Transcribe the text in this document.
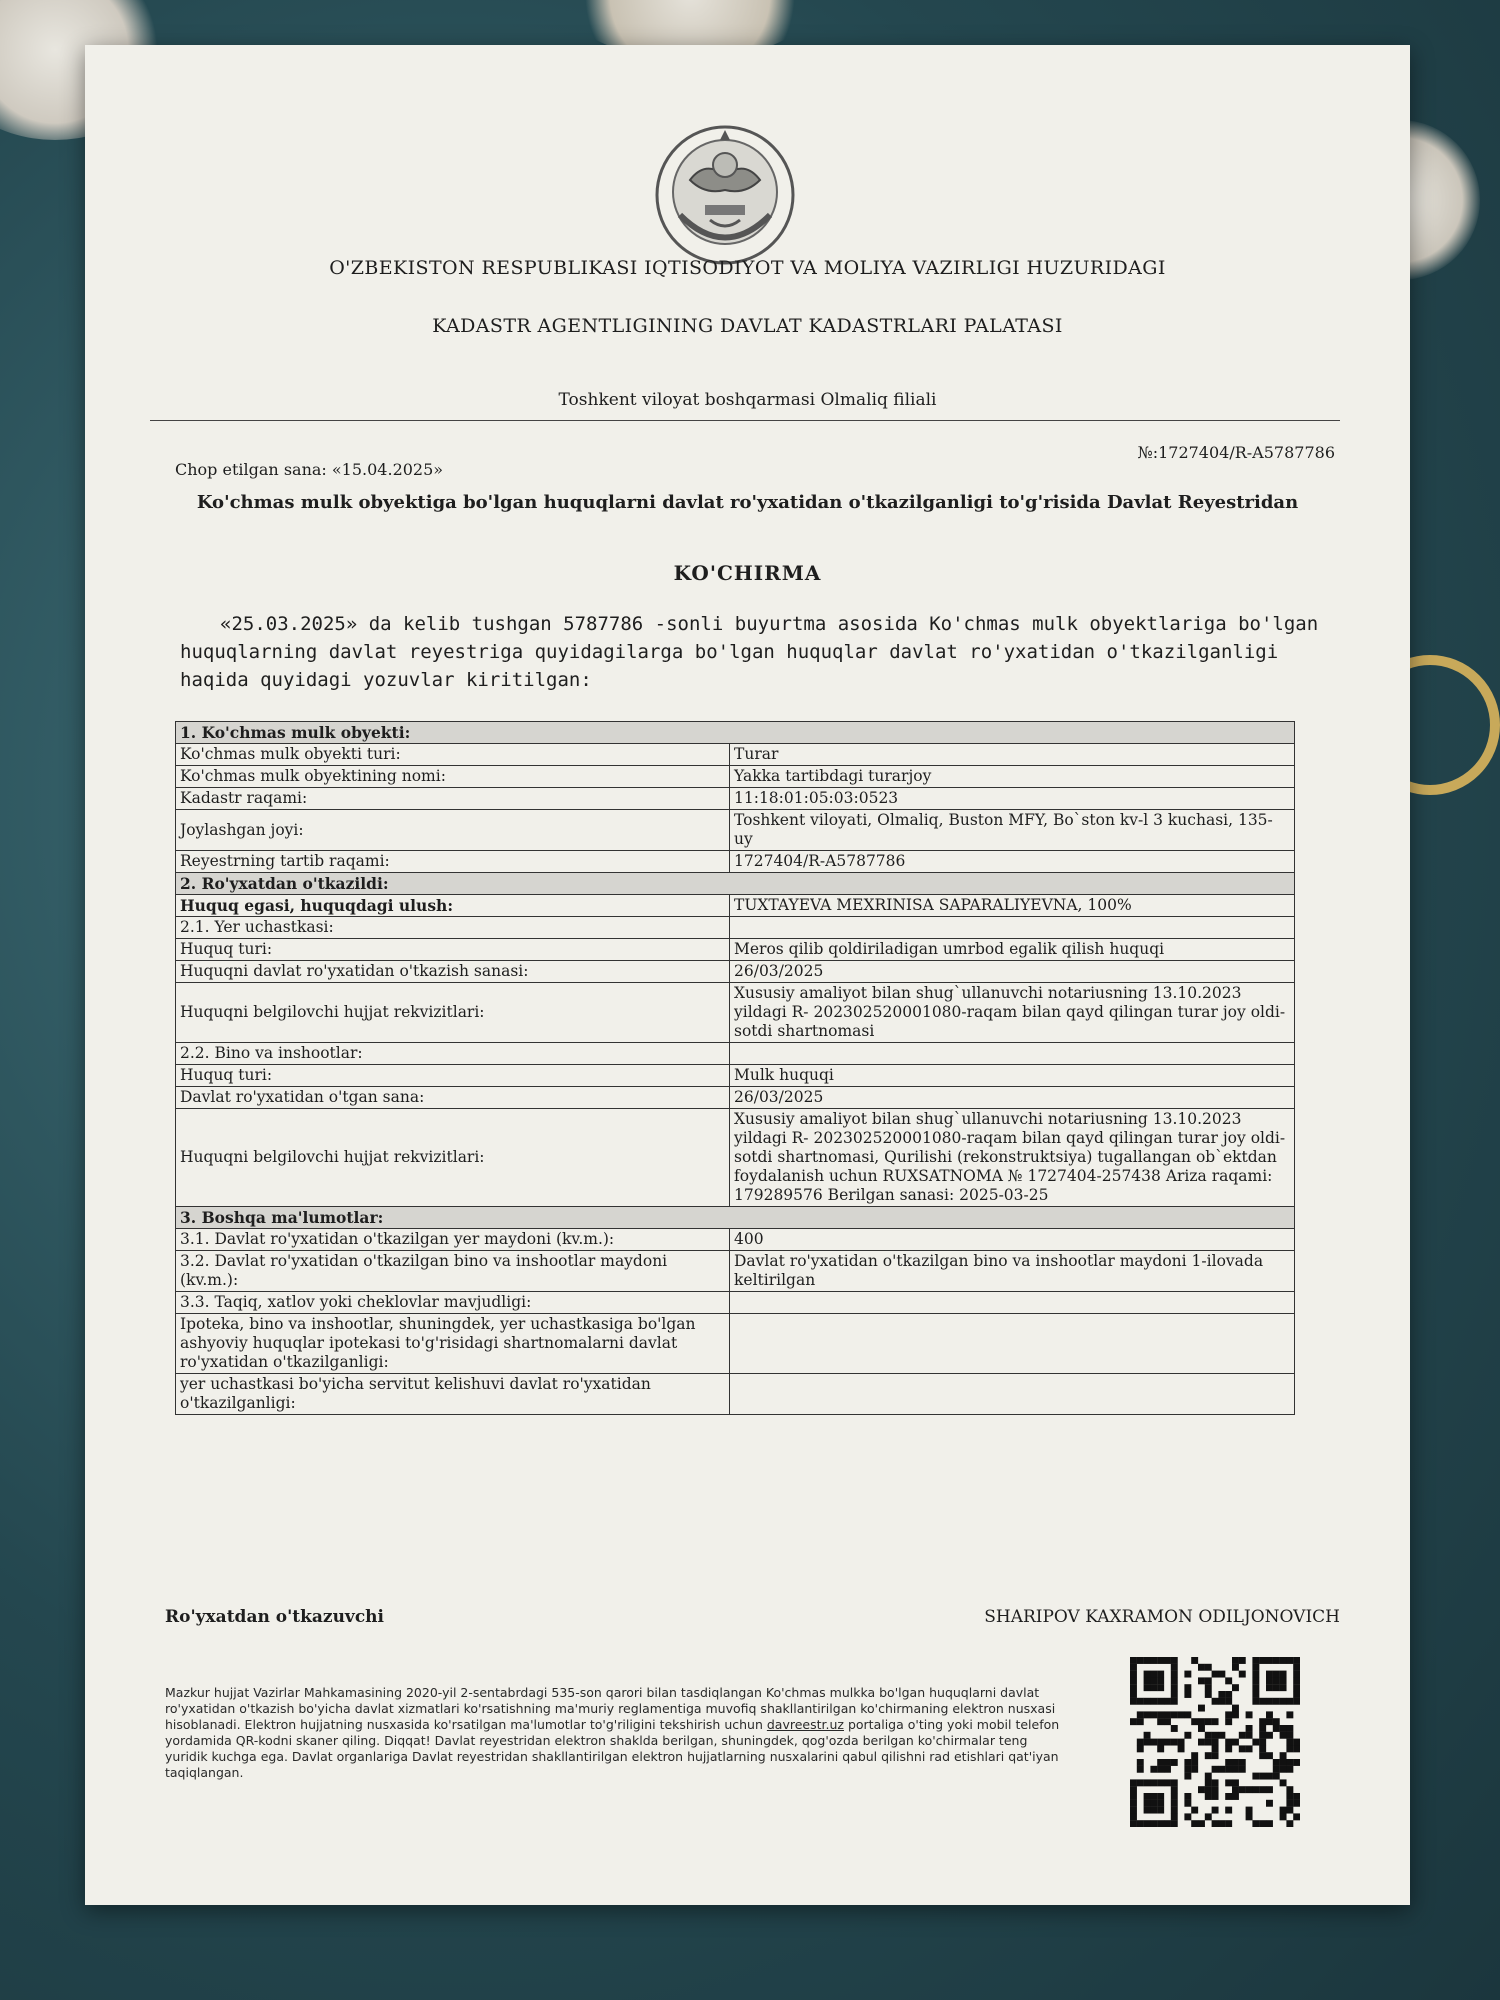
O'ZBEKISTON RESPUBLIKASI IQTISODIYOT VA MOLIYA VAZIRLIGI HUZURIDAGI
KADASTR AGENTLIGINING DAVLAT KADASTRLARI PALATASI
Toshkent viloyat boshqarmasi Olmaliq filiali
№:1727404/R-A5787786
Chop etilgan sana: «15.04.2025»
Ko'chmas mulk obyektiga bo'lgan huquqlarni davlat ro'yxatidan o'tkazilganligi to'g'risida Davlat Reyestridan
KO'CHIRMA
«25.03.2025» da kelib tushgan 5787786 -sonli buyurtma asosida Ko'chmas mulk obyektlariga bo'lgan huquqlarning davlat reyestriga quyidagilarga bo'lgan huquqlar davlat ro'yxatidan o'tkazilganligi haqida quyidagi yozuvlar kiritilgan:
1. Ko'chmas mulk obyekti:	
Ko'chmas mulk obyekti turi:	Turar
Ko'chmas mulk obyektining nomi:	Yakka tartibdagi turarjoy
Kadastr raqami:	11:18:01:05:03:0523
Joylashgan joyi:	Toshkent viloyati, Olmaliq, Buston MFY, Bo`ston kv-l 3 kuchasi, 135-uy
Reyestrning tartib raqami:	1727404/R-A5787786
2. Ro'yxatdan o'tkazildi:	
Huquq egasi, huquqdagi ulush:	TUXTAYEVA MEXRINISA SAPARALIYEVNA, 100%
2.1. Yer uchastkasi:	
Huquq turi:	Meros qilib qoldiriladigan umrbod egalik qilish huquqi
Huquqni davlat ro'yxatidan o'tkazish sanasi:	26/03/2025
Huquqni belgilovchi hujjat rekvizitlari:	Xususiy amaliyot bilan shug`ullanuvchi notariusning 13.10.2023 yildagi R- 202302520001080-raqam bilan qayd qilingan turar joy oldi-sotdi shartnomasi
2.2. Bino va inshootlar:	
Huquq turi:	Mulk huquqi
Davlat ro'yxatidan o'tgan sana:	26/03/2025
Huquqni belgilovchi hujjat rekvizitlari:	Xususiy amaliyot bilan shug`ullanuvchi notariusning 13.10.2023 yildagi R- 202302520001080-raqam bilan qayd qilingan turar joy oldi-sotdi shartnomasi, Qurilishi (rekonstruktsiya) tugallangan ob`ektdan foydalanish uchun RUXSATNOMA № 1727404-257438 Ariza raqami: 179289576 Berilgan sanasi: 2025-03-25
3. Boshqa ma'lumotlar:	
3.1. Davlat ro'yxatidan o'tkazilgan yer maydoni (kv.m.):	400
3.2. Davlat ro'yxatidan o'tkazilgan bino va inshootlar maydoni (kv.m.):	Davlat ro'yxatidan o'tkazilgan bino va inshootlar maydoni 1-ilovada keltirilgan
3.3. Taqiq, xatlov yoki cheklovlar mavjudligi:	
Ipoteka, bino va inshootlar, shuningdek, yer uchastkasiga bo'lgan ashyoviy huquqlar ipotekasi to'g'risidagi shartnomalarni davlat ro'yxatidan o'tkazilganligi:	
yer uchastkasi bo'yicha servitut kelishuvi davlat ro'yxatidan o'tkazilganligi:	
Ro'yxatdan o'tkazuvchi	SHARIPOV KAXRAMON ODILJONOVICH
Mazkur hujjat Vazirlar Mahkamasining 2020-yil 2-sentabrdagi 535-son qarori bilan tasdiqlangan Ko'chmas mulkka bo'lgan huquqlarni davlat ro'yxatidan o'tkazish bo'yicha davlat xizmatlari ko'rsatishning ma'muriy reglamentiga muvofiq shakllantirilgan ko'chirmaning elektron nusxasi hisoblanadi. Elektron hujjatning nusxasida ko'rsatilgan ma'lumotlar to'g'riligini tekshirish uchun davreestr.uz portaliga o'ting yoki mobil telefon yordamida QR-kodni skaner qiling. Diqqat! Davlat reyestridan elektron shaklda berilgan, shuningdek, qog'ozda berilgan ko'chirmalar teng yuridik kuchga ega. Davlat organlariga Davlat reyestridan shakllantirilgan elektron hujjatlarning nusxalarini qabul qilishni rad etishlari qat'iyan taqiqlangan.
